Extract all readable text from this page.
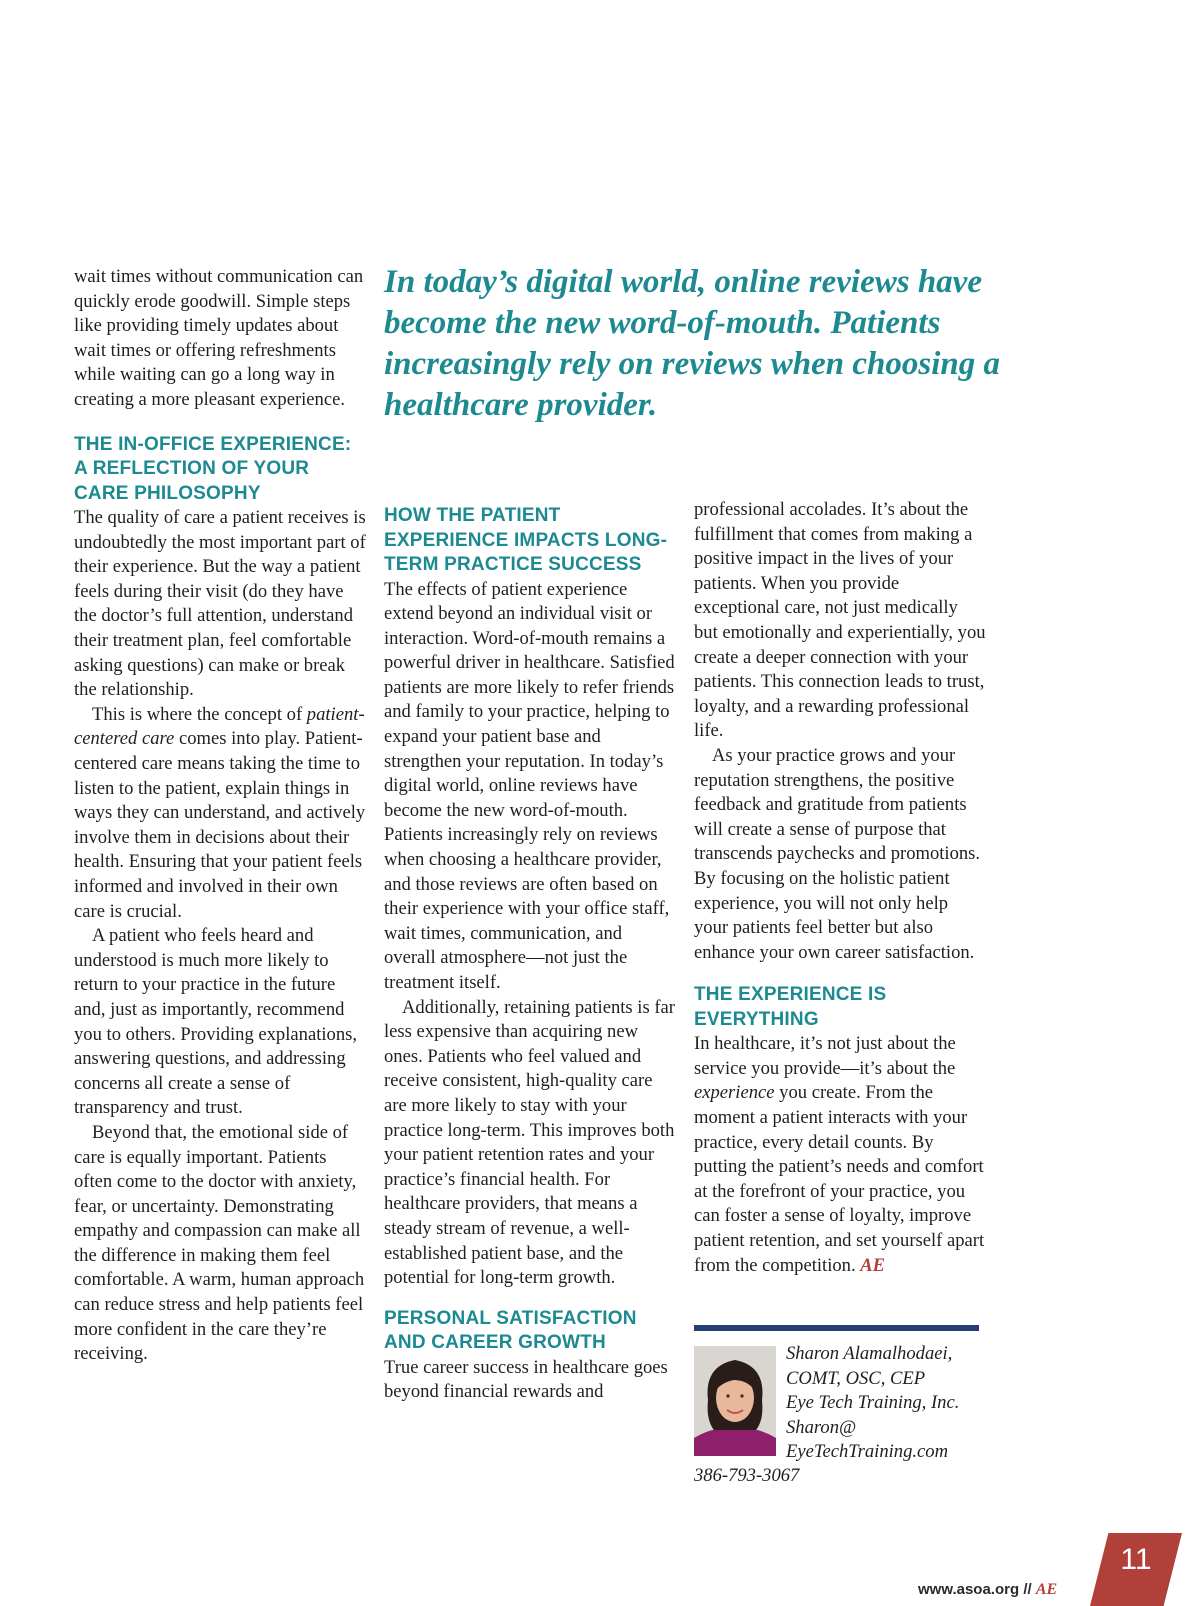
In today’s digital world, online reviews have become the new word-of-mouth. Patients increasingly rely on reviews when choosing a healthcare provider.

wait times without communication can quickly erode goodwill. Simple steps like providing timely updates about wait times or offering refreshments while waiting can go a long way in creating a more pleasant experience.

THE IN-OFFICE EXPERIENCE: A REFLECTION OF YOUR CARE PHILOSOPHY

The quality of care a patient receives is undoubtedly the most important part of their experience. But the way a patient feels during their visit (do they have the doctor’s full attention, understand their treatment plan, feel comfortable asking questions) can make or break the relationship.

This is where the concept of patient-centered care comes into play. Patient-centered care means taking the time to listen to the patient, explain things in ways they can understand, and actively involve them in decisions about their health. Ensuring that your patient feels informed and involved in their own care is crucial.

A patient who feels heard and understood is much more likely to return to your practice in the future and, just as importantly, recommend you to others. Providing explanations, answering questions, and addressing concerns all create a sense of transparency and trust.

Beyond that, the emotional side of care is equally important. Patients often come to the doctor with anxiety, fear, or uncertainty. Demonstrating empathy and compassion can make all the difference in making them feel comfortable. A warm, human approach can reduce stress and help patients feel more confident in the care they’re receiving.

HOW THE PATIENT EXPERIENCE IMPACTS LONG-TERM PRACTICE SUCCESS

The effects of patient experience extend beyond an individual visit or interaction. Word-of-mouth remains a powerful driver in healthcare. Satisfied patients are more likely to refer friends and family to your practice, helping to expand your patient base and strengthen your reputation. In today’s digital world, online reviews have become the new word-of-mouth. Patients increasingly rely on reviews when choosing a healthcare provider, and those reviews are often based on their experience with your office staff, wait times, communication, and overall atmosphere—not just the treatment itself.

Additionally, retaining patients is far less expensive than acquiring new ones. Patients who feel valued and receive consistent, high-quality care are more likely to stay with your practice long-term. This improves both your patient retention rates and your practice’s financial health. For healthcare providers, that means a steady stream of revenue, a well-established patient base, and the potential for long-term growth.

PERSONAL SATISFACTION AND CAREER GROWTH

True career success in healthcare goes beyond financial rewards and

professional accolades. It’s about the fulfillment that comes from making a positive impact in the lives of your patients. When you provide exceptional care, not just medically but emotionally and experientially, you create a deeper connection with your patients. This connection leads to trust, loyalty, and a rewarding professional life.

As your practice grows and your reputation strengthens, the positive feedback and gratitude from patients will create a sense of purpose that transcends paychecks and promotions. By focusing on the holistic patient experience, you will not only help your patients feel better but also enhance your own career satisfaction.

THE EXPERIENCE IS EVERYTHING

In healthcare, it’s not just about the service you provide—it’s about the experience you create. From the moment a patient interacts with your practice, every detail counts. By putting the patient’s needs and comfort at the forefront of your practice, you can foster a sense of loyalty, improve patient retention, and set yourself apart from the competition. AE

Sharon Alamalhodaei,
COMT, OSC, CEP
Eye Tech Training, Inc.
Sharon@
EyeTechTraining.com
386-793-3067
www.asoa.org // AE
11
